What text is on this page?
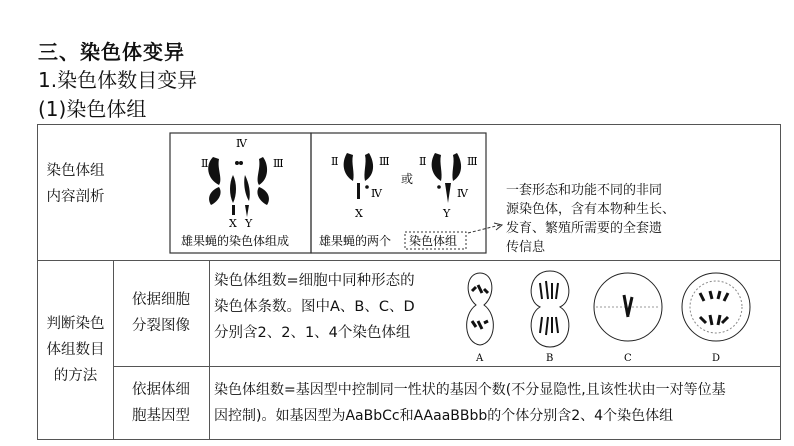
三、染色体变异
1.染色体数目变异
(1)染色体组
染色体组
内容剖析
Ⅱ	Ⅲ
Ⅳ
X Y
雄果蝇的染色体组成
Ⅱ	Ⅲ
Ⅳ
X
或
Ⅱ	Ⅲ
Ⅳ
Y
雄果蝇的两个 染色体组
一套形态和功能不同的非同
源染色体，含有本物种生长、
发育、繁殖所需要的全套遗
传信息
判断染色
体组数目
的方法
依据细胞
分裂图像
染色体组数=细胞中同种形态的
染色体条数。图中A、B、C、D
分别含2、2、1、4个染色体组
A	B	C	D
依据体细
胞基因型
染色体组数=基因型中控制同一性状的基因个数(不分显隐性,且该性状由一对等位基
因控制)。如基因型为AaBbCc和AAaaBBbb的个体分别含2、4个染色体组
